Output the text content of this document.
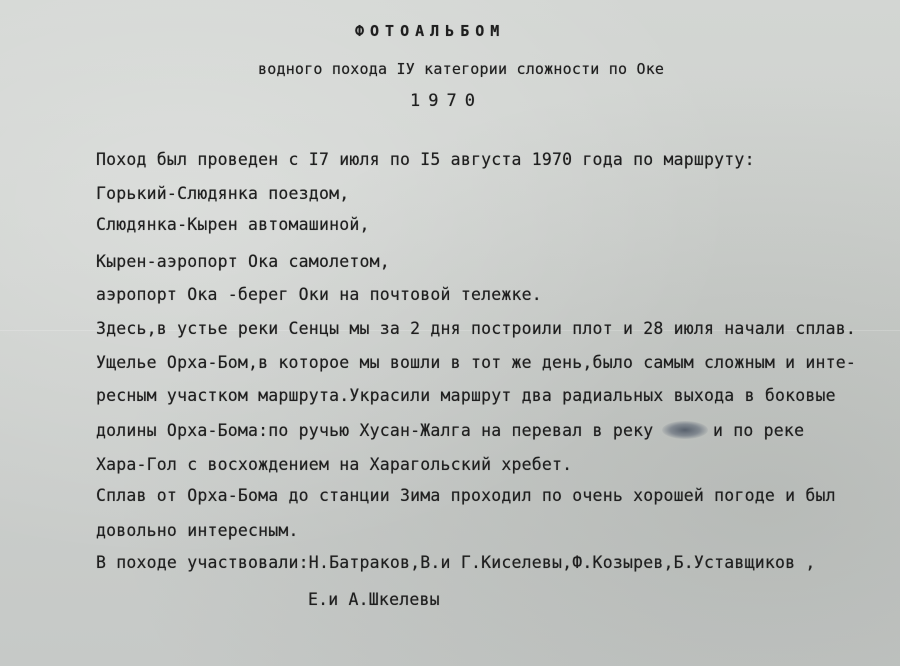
ФОТОАЛЬБОМ
водного похода IУ категории сложности по Оке
1970
Поход был проведен с I7 июля по I5 августа 1970 года по маршруту:
Горький-Слюдянка поездом,
Слюдянка-Кырен автомашиной,
Кырен-аэропорт Ока самолетом,
аэропорт Ока -берег Оки на почтовой тележке.
Здесь,в устье реки Сенцы мы за 2 дня построили плот и 28 июля начали сплав.
Ущелье Орха-Бом,в которое мы вошли в тот же день,было самым сложным и инте-
ресным участком маршрута.Украсили маршрут два радиальных выхода в боковые
долины Орха-Бома:по ручью Хусан-Жалга на перевал в реку	и по реке
Хара-Гол с восхождением на Харагольский хребет.
Сплав от Орха-Бома до станции Зима проходил по очень хорошей погоде и был
довольно интересным.
В походе участвовали:Н.Батраков,В.и Г.Киселевы,Ф.Козырев,Б.Уставщиков ,
Е.и А.Шкелевы
